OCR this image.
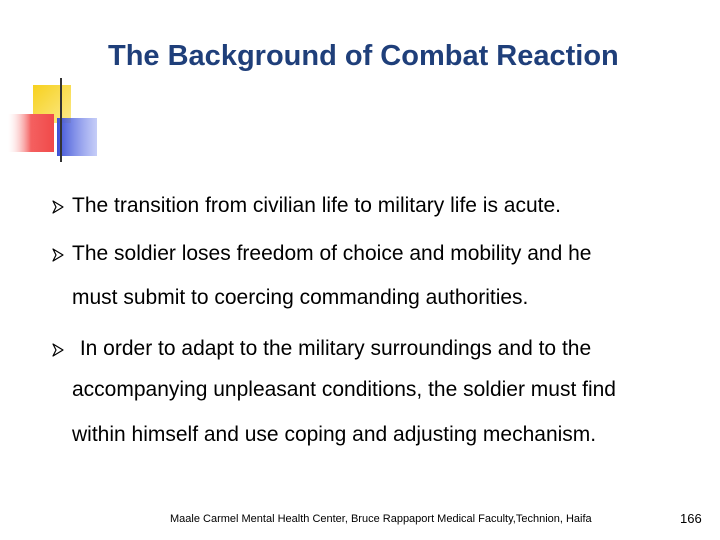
The Background of Combat Reaction
The transition from civilian life to military life is acute.
The soldier loses freedom of choice and mobility and he
must submit to coercing commanding authorities.
In order to adapt to the military surroundings and to the
accompanying unpleasant conditions, the soldier must find
within himself and use coping and adjusting mechanism.
Maale Carmel Mental Health Center, Bruce Rappaport Medical Faculty,Technion, Haifa	166
